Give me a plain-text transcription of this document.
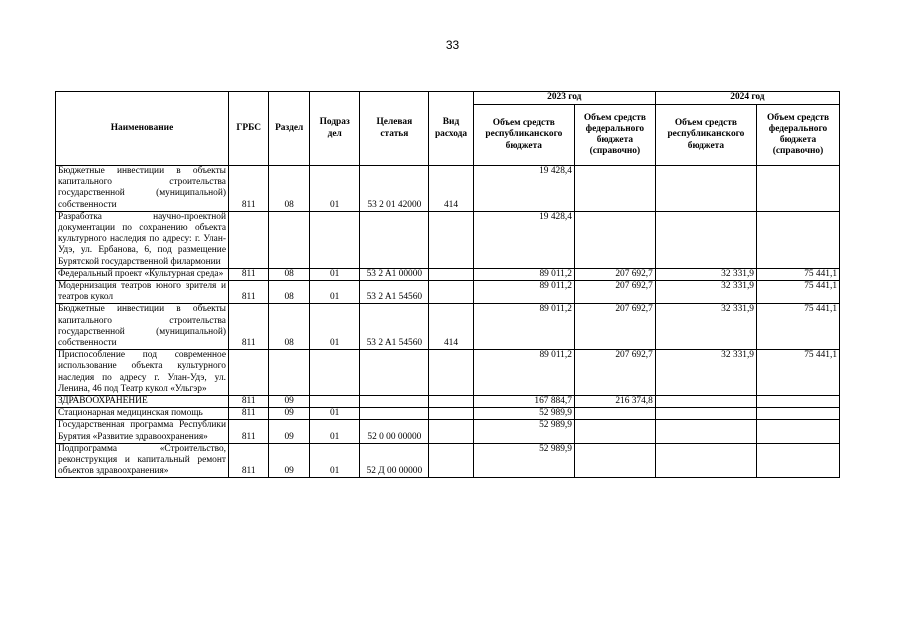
33
Наименование	ГРБС	Раздел	Подраз дел	Целевая статья	Вид расхода	2023 год		2024 год	
						Объем средств республиканского бюджета	Объем средств федерального бюджета (справочно)	Объем средств республиканского бюджета	Объем средств федерального бюджета (справочно)
Бюджетные инвестиции в объекты капитального строительства государственной (муниципальной) собственности	811	08	01	53 2 01 42000	414	19 428,4			
Разработка научно-проектной документации по сохранению объекта культурного наследия по адресу: г. Улан-Удэ, ул. Ербанова, 6, под размещение Бурятской государственной филармонии						19 428,4			
Федеральный проект «Культурная среда»	811	08	01	53 2 A1 00000		89 011,2	207 692,7	32 331,9	75 441,1
Модернизация театров юного зрителя и театров кукол	811	08	01	53 2 A1 54560		89 011,2	207 692,7	32 331,9	75 441,1
Бюджетные инвестиции в объекты капитального строительства государственной (муниципальной) собственности	811	08	01	53 2 A1 54560	414	89 011,2	207 692,7	32 331,9	75 441,1
Приспособление под современное использование объекта культурного наследия по адресу г. Улан-Удэ, ул. Ленина, 46 под Театр кукол «Ульгэр»						89 011,2	207 692,7	32 331,9	75 441,1
ЗДРАВООХРАНЕНИЕ	811	09				167 884,7	216 374,8		
Стационарная медицинская помощь	811	09	01			52 989,9			
Государственная программа Республики Бурятия «Развитие здравоохранения»	811	09	01	52 0 00 00000		52 989,9			
Подпрограмма «Строительство, реконструкция и капитальный ремонт объектов здравоохранения»	811	09	01	52 Д 00 00000		52 989,9			
